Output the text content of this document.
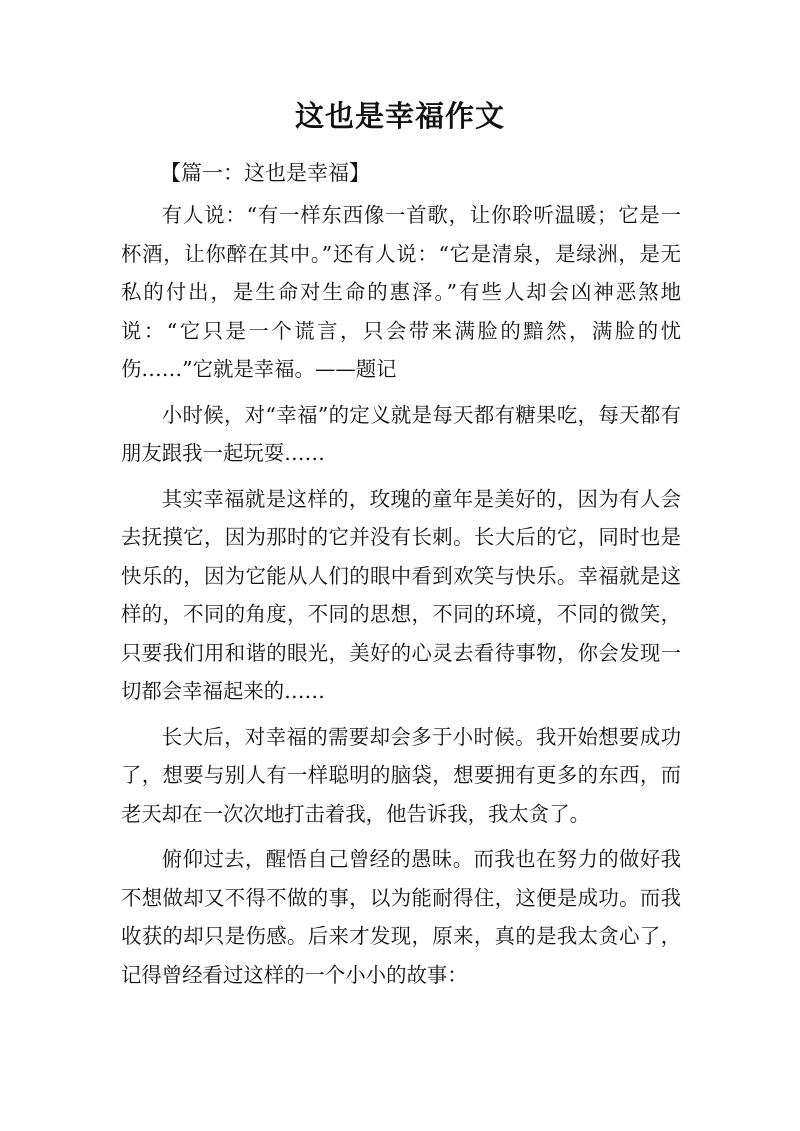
这也是幸福作文

【篇一：这也是幸福】

有人说：“有一样东西像一首歌，让你聆听温暖；它是一杯酒，让你醉在其中。”还有人说：“它是清泉，是绿洲，是无私的付出，是生命对生命的惠泽。”有些人却会凶神恶煞地说：“它只是一个谎言，只会带来满脸的黯然，满脸的忧伤……”它就是幸福。——题记

小时候，对“幸福”的定义就是每天都有糖果吃，每天都有朋友跟我一起玩耍……

其实幸福就是这样的，玫瑰的童年是美好的，因为有人会去抚摸它，因为那时的它并没有长刺。长大后的它，同时也是快乐的，因为它能从人们的眼中看到欢笑与快乐。幸福就是这样的，不同的角度，不同的思想，不同的环境，不同的微笑，只要我们用和谐的眼光，美好的心灵去看待事物，你会发现一切都会幸福起来的……

长大后，对幸福的需要却会多于小时候。我开始想要成功了，想要与别人有一样聪明的脑袋，想要拥有更多的东西，而老天却在一次次地打击着我，他告诉我，我太贪了。

俯仰过去，醒悟自己曾经的愚昧。而我也在努力的做好我不想做却又不得不做的事，以为能耐得住，这便是成功。而我收获的却只是伤感。后来才发现，原来，真的是我太贪心了，记得曾经看过这样的一个小小的故事：
